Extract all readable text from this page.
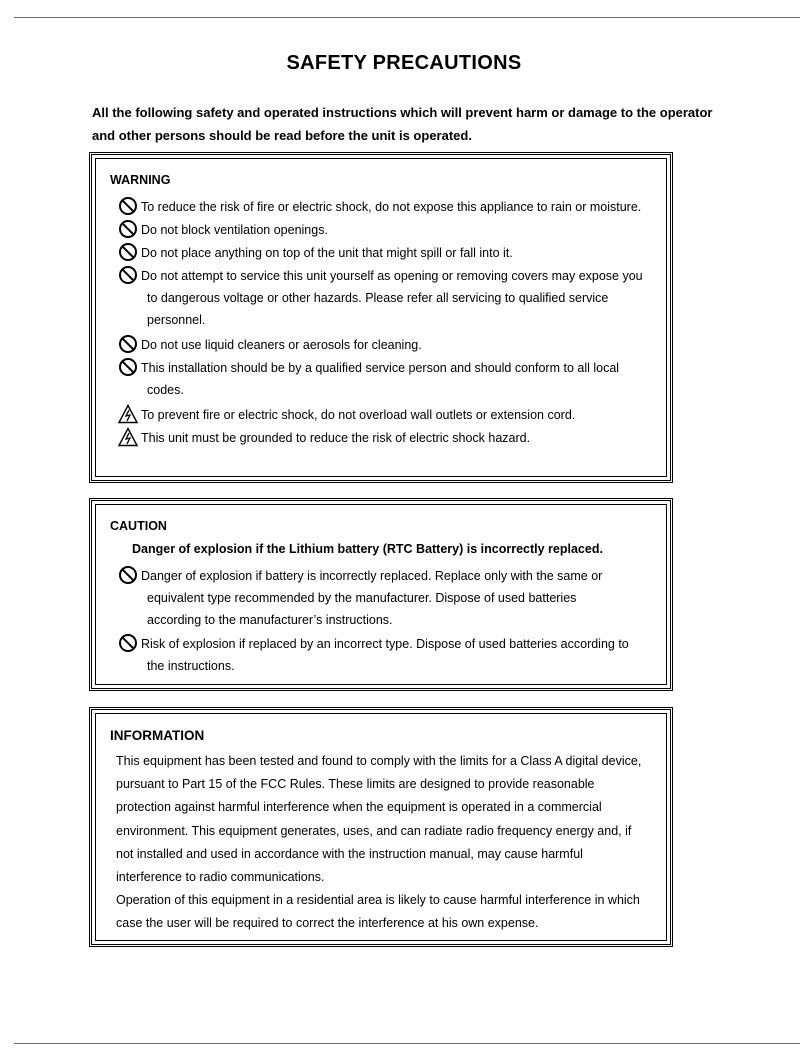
SAFETY PRECAUTIONS
All the following safety and operated instructions which will prevent harm or damage to the operator
and other persons should be read before the unit is operated.
WARNING
To reduce the risk of fire or electric shock, do not expose this appliance to rain or moisture.
Do not block ventilation openings.
Do not place anything on top of the unit that might spill or fall into it.
Do not attempt to service this unit yourself as opening or removing covers may expose you
to dangerous voltage or other hazards. Please refer all servicing to qualified service
personnel.
Do not use liquid cleaners or aerosols for cleaning.
This installation should be by a qualified service person and should conform to all local
codes.
To prevent fire or electric shock, do not overload wall outlets or extension cord.
This unit must be grounded to reduce the risk of electric shock hazard.
CAUTION
Danger of explosion if the Lithium battery (RTC Battery) is incorrectly replaced.
Danger of explosion if battery is incorrectly replaced. Replace only with the same or
equivalent type recommended by the manufacturer. Dispose of used batteries
according to the manufacturer’s instructions.
Risk of explosion if replaced by an incorrect type. Dispose of used batteries according to
the instructions.
INFORMATION
This equipment has been tested and found to comply with the limits for a Class A digital device,
pursuant to Part 15 of the FCC Rules. These limits are designed to provide reasonable
protection against harmful interference when the equipment is operated in a commercial
environment. This equipment generates, uses, and can radiate radio frequency energy and, if
not installed and used in accordance with the instruction manual, may cause harmful
interference to radio communications.
Operation of this equipment in a residential area is likely to cause harmful interference in which
case the user will be required to correct the interference at his own expense.
